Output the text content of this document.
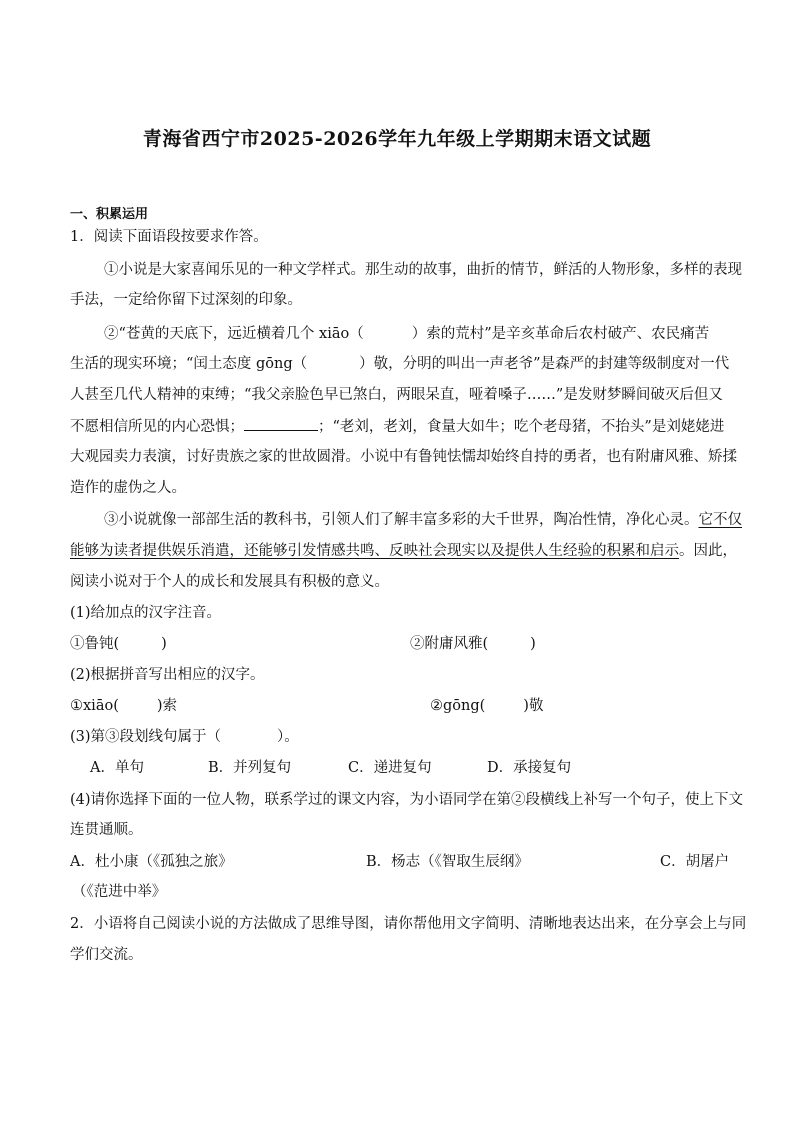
青海省西宁市2025-2026学年九年级上学期期末语文试题
一、积累运用
1．阅读下面语段按要求作答。
①小说是大家喜闻乐见的一种文学样式。那生动的故事，曲折的情节，鲜活的人物形象，多样的表现
手法，一定给你留下过深刻的印象。
②“苍黄的天底下，远近横着几个 xiāo（	）索的荒村”是辛亥革命后农村破产、农民痛苦
生活的现实环境；“闰土态度 gōng（	）敬，分明的叫出一声老爷”是森严的封建等级制度对一代
人甚至几代人精神的束缚；“我父亲脸色早已煞白，两眼呆直，哑着嗓子……”是发财梦瞬间破灭后但又
不愿相信所见的内心恐惧；	；“老刘，老刘，食量大如牛；吃个老母猪，不抬头”是刘姥姥进
大观园卖力表演，讨好贵族之家的世故圆滑。小说中有鲁钝怯懦却始终自持的勇者，也有附庸风雅、矫揉
造作的虚伪之人。
③小说就像一部部生活的教科书，引领人们了解丰富多彩的大千世界，陶冶性情，净化心灵。它不仅
能够为读者提供娱乐消遣，还能够引发情感共鸣、反映社会现实以及提供人生经验的积累和启示。因此，
阅读小说对于个人的成长和发展具有积极的意义。
(1)给加点的汉字注音。
①鲁钝(	)	②附庸风雅(	)
(2)根据拼音写出相应的汉字。
①xiāo(	)索	②gōng(	)敬
(3)第③段划线句属于（	）。
A．单句	B．并列复句	C．递进复句	D．承接复句
(4)请你选择下面的一位人物，联系学过的课文内容，为小语同学在第②段横线上补写一个句子，使上下文
连贯通顺。
A．杜小康（《孤独之旅》	B．杨志（《智取生辰纲》	C．胡屠户
（《范进中举》
2．小语将自己阅读小说的方法做成了思维导图，请你帮他用文字简明、清晰地表达出来，在分享会上与同
学们交流。
